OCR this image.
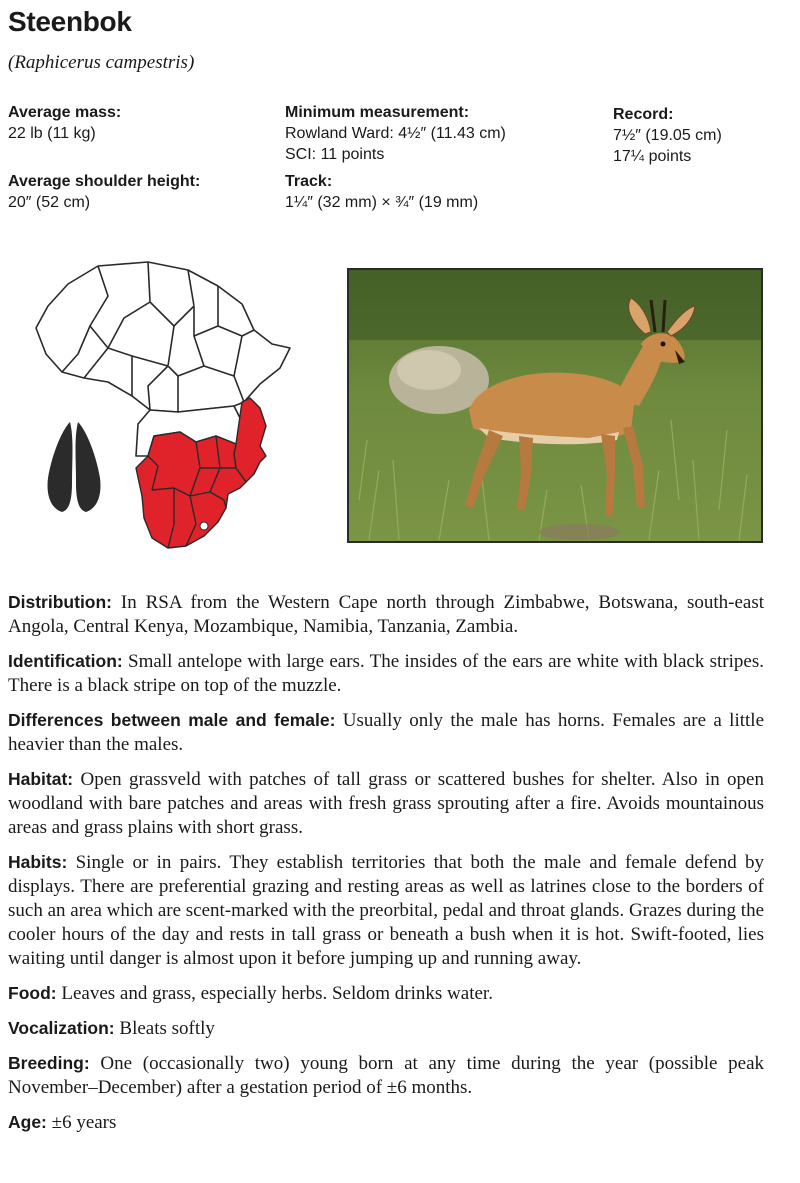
Steenbok
(Raphicerus campestris)
Average mass:
22 lb (11 kg)
Average shoulder height:
20″ (52 cm)
Minimum measurement:
Rowland Ward: 4½″ (11.43 cm)
SCI: 11 points
Track:
1¼″ (32 mm) × ¾″ (19 mm)
Record:
7½″ (19.05 cm)
17¼ points

Distribution: In RSA from the Western Cape north through Zimbabwe, Botswana, south-east Angola, Central Kenya, Mozambique, Namibia, Tanzania, Zambia.

Identification: Small antelope with large ears. The insides of the ears are white with black stripes. There is a black stripe on top of the muzzle.

Differences between male and female: Usually only the male has horns. Females are a little heavier than the males.

Habitat: Open grassveld with patches of tall grass or scattered bushes for shelter. Also in open woodland with bare patches and areas with fresh grass sprouting after a fire. Avoids mountainous areas and grass plains with short grass.

Habits: Single or in pairs. They establish territories that both the male and female defend by displays. There are preferential grazing and resting areas as well as latrines close to the borders of such an area which are scent-marked with the preorbital, pedal and throat glands. Grazes during the cooler hours of the day and rests in tall grass or beneath a bush when it is hot. Swift-footed, lies waiting until danger is almost upon it before jumping up and running away.

Food: Leaves and grass, especially herbs. Seldom drinks water.

Vocalization: Bleats softly

Breeding: One (occasionally two) young born at any time during the year (possible peak November–December) after a gestation period of ±6 months.

Age: ±6 years
